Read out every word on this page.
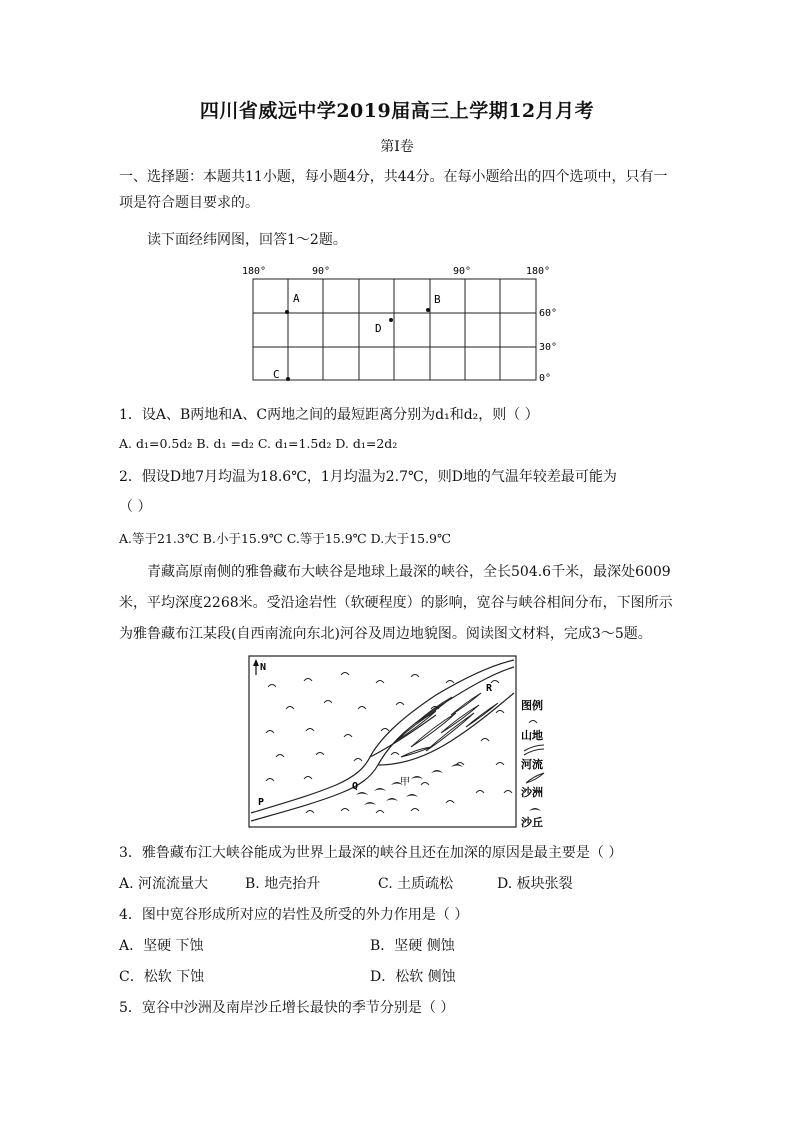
四川省威远中学2019届高三上学期12月月考
第Ⅰ卷
一、选择题：本题共11小题，每小题4分，共44分。在每小题给出的四个选项中，只有一
项是符合题目要求的。
读下面经纬网图，回答1～2题。
180°	90°	90°	180°
60°
30°
0°
A	B
D
C
1．设A、B两地和A、C两地之间的最短距离分别为d₁和d₂，则（ ）
A. d₁=0.5d₂ B. d₁ =d₂ C. d₁=1.5d₂ D. d₁=2d₂
2．假设D地7月均温为18.6℃，1月均温为2.7℃，则D地的气温年较差最可能为
（ ）
A.等于21.3℃ B.小于15.9℃ C.等于15.9℃ D.大于15.9℃
青藏高原南侧的雅鲁藏布大峡谷是地球上最深的峡谷，全长504.6千米，最深处6009
米，平均深度2268米。受沿途岩性（软硬程度）的影响，宽谷与峡谷相间分布，下图所示
为雅鲁藏布江某段(自西南流向东北)河谷及周边地貌图。阅读图文材料，完成3～5题。
N
R
Q	甲
P
图例
山地
河流
沙洲
沙丘
3．雅鲁藏布江大峡谷能成为世界上最深的峡谷且还在加深的原因是最主要是（ ）
A. 河流流量大	B. 地壳抬升	C. 土质疏松	D. 板块张裂
4．图中宽谷形成所对应的岩性及所受的外力作用是（ ）
A．坚硬 下蚀	B．坚硬 侧蚀
C．松软 下蚀	D．松软 侧蚀
5．宽谷中沙洲及南岸沙丘增长最快的季节分别是（ ）
